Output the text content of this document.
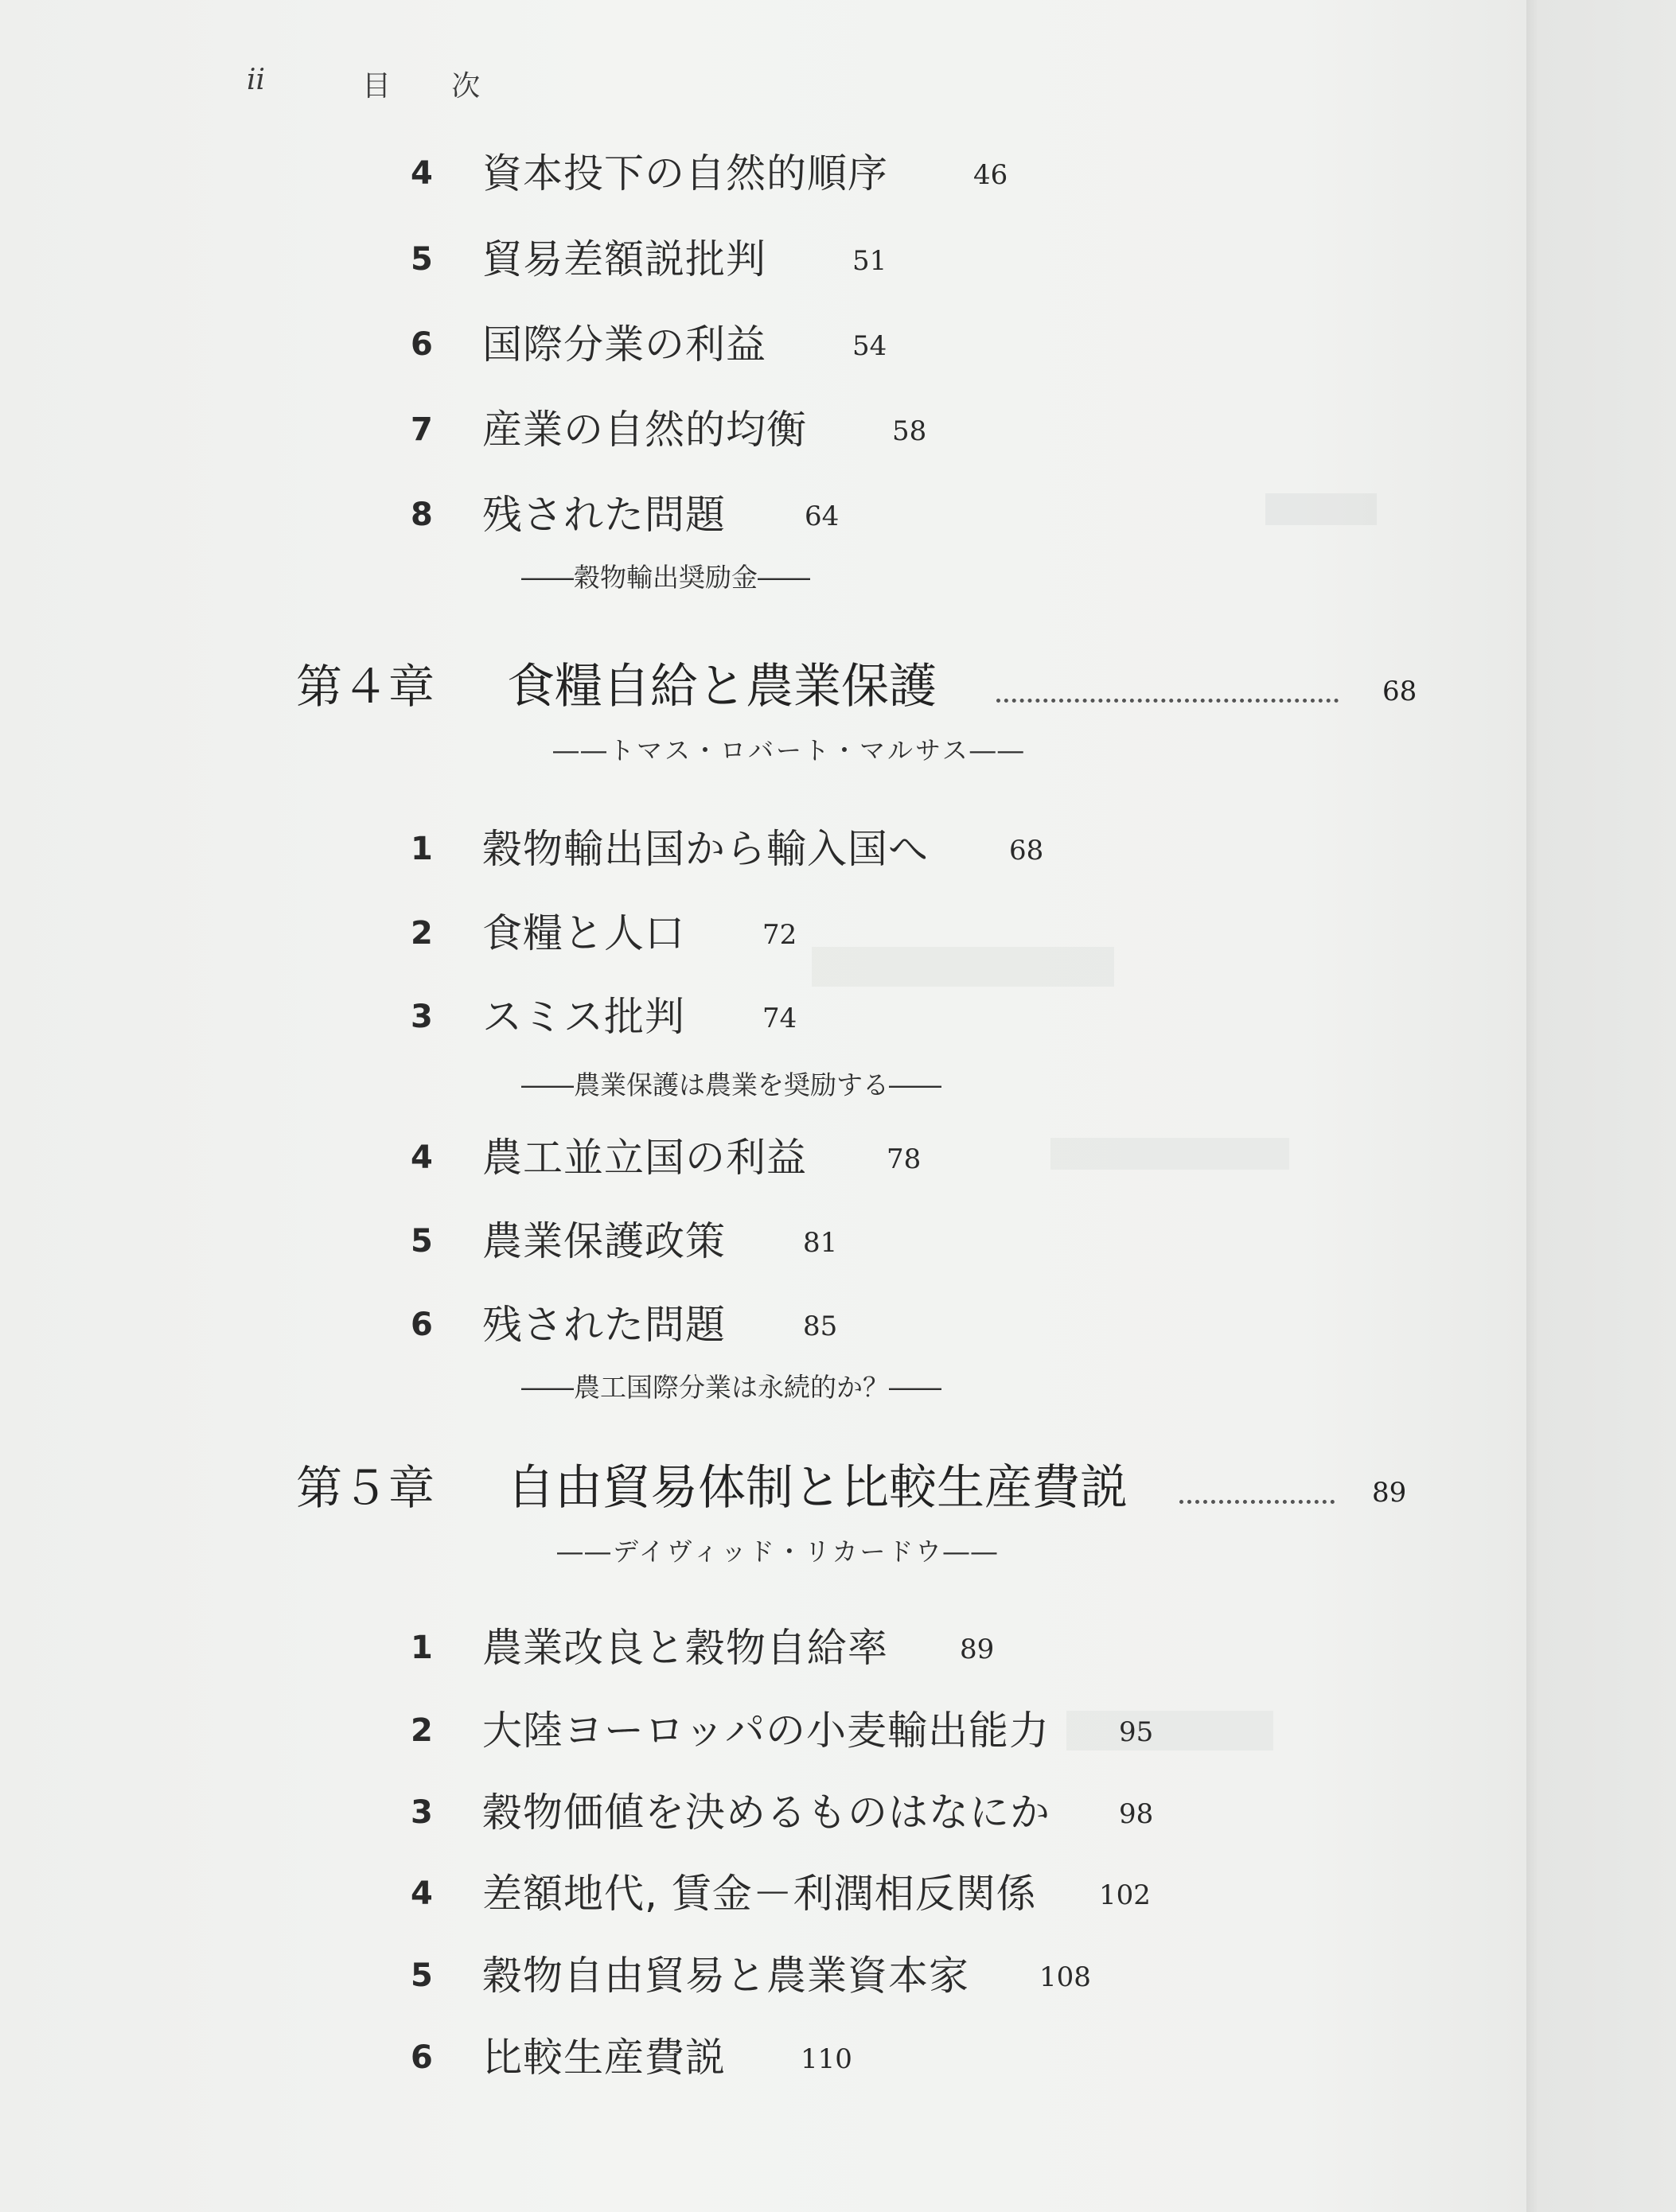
ii	目 次
4 資本投下の自然的順序	46
5 貿易差額説批判	51
6 国際分業の利益	54
7 産業の自然的均衡	58
8 残された問題	64
――穀物輸出奨励金――
第４章 食糧自給と農業保護	68
――トマス・ロバート・マルサス――
1 穀物輸出国から輸入国へ	68
2 食糧と人口	72
3 スミス批判	74
――農業保護は農業を奨励する――
4 農工並立国の利益	78
5 農業保護政策	81
6 残された問題	85
――農工国際分業は永続的か？――
第５章 自由貿易体制と比較生産費説	89
――デイヴィッド・リカードウ――
1 農業改良と穀物自給率	89
2 大陸ヨーロッパの小麦輸出能力	95
3 穀物価値を決めるものはなにか	98
4 差額地代, 賃金－利潤相反関係 102
5 穀物自由貿易と農業資本家	108
6 比較生産費説	110
